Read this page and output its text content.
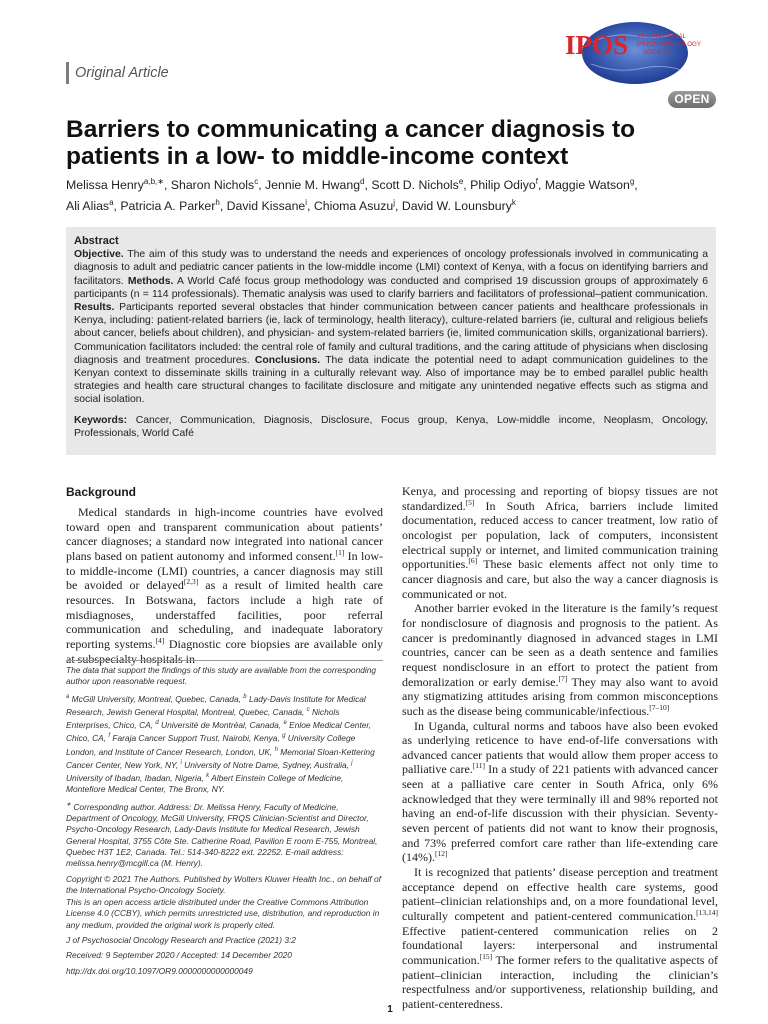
Original Article
IPOS INTERNATIONAL
PSYCHO-ONCOLOGY
SOCIETY
OPEN
Barriers to communicating a cancer diagnosis to patients in a low- to middle-income context
Melissa Henry$^{a,b,∗}$, Sharon Nichols$^c$, Jennie M. Hwang$^d$, Scott D. Nichols$^e$, Philip Odiyo$^f$, Maggie Watson$^g$,
Ali Alias$^a$, Patricia A. Parker$^h$, David Kissane$^i$, Chioma Asuzu$^j$, David W. Lounsbury$^k$
Abstract

Objective. The aim of this study was to understand the needs and experiences of oncology professionals involved in communicating a diagnosis to adult and pediatric cancer patients in the low-middle income (LMI) context of Kenya, with a focus on identifying barriers and facilitators. Methods. A World Café focus group methodology was conducted and comprised 19 discussion groups of approximately 6 participants (n = 114 professionals). Thematic analysis was used to clarify barriers and facilitators of professional–patient communication. Results. Participants reported several obstacles that hinder communication between cancer patients and healthcare professionals in Kenya, including: patient-related barriers (ie, lack of terminology, health literacy), culture-related barriers (ie, cultural and religious beliefs about cancer, beliefs about children), and physician- and system-related barriers (ie, limited communication skills, organizational barriers). Communication facilitators included: the central role of family and cultural traditions, and the caring attitude of physicians when disclosing diagnosis and treatment procedures. Conclusions. The data indicate the potential need to adapt communication guidelines to the Kenyan context to disseminate skills training in a culturally relevant way. Also of importance may be to embed parallel public health strategies and health care structural changes to facilitate disclosure and mitigate any unintended negative effects such as stigma and social isolation.

Keywords: Cancer, Communication, Diagnosis, Disclosure, Focus group, Kenya, Low-middle income, Neoplasm, Oncology, Professionals, World Café

Background

Medical standards in high-income countries have evolved toward open and transparent communication about patients’ cancer diagnoses; a standard now integrated into national cancer plans based on patient autonomy and informed consent.[1] In low- to middle-income (LMI) countries, a cancer diagnosis may still be avoided or delayed[2,3] as a result of limited health care resources. In Botswana, factors include a high rate of misdiagnoses, understaffed facilities, poor referral communication and scheduling, and inadequate laboratory reporting systems.[4] Diagnostic core biopsies are available only at subspecialty hospitals in

The data that support the findings of this study are available from the corresponding author upon reasonable request.

$^a$ McGill University, Montreal, Quebec, Canada, $^b$ Lady-Davis Institute for Medical Research, Jewish General Hospital, Montreal, Quebec, Canada, $^c$ Nichols Enterprises, Chico, CA, $^d$ Université de Montréal, Canada, $^e$ Enloe Medical Center, Chico, CA, $^f$ Faraja Cancer Support Trust, Nairobi, Kenya, $^g$ University College London, and Institute of Cancer Research, London, UK, $^h$ Memorial Sloan-Kettering Cancer Center, New York, NY, $^i$ University of Notre Dame, Sydney, Australia, $^j$ University of Ibadan, Ibadan, Nigeria, $^k$ Albert Einstein College of Medicine, Montefiore Medical Center, The Bronx, NY.

∗ Corresponding author. Address: Dr. Melissa Henry, Faculty of Medicine, Department of Oncology, McGill University, FRQS Clinician-Scientist and Director, Psycho-Oncology Research, Lady-Davis Institute for Medical Research, Jewish General Hospital, 3755 Côte Ste. Catherine Road, Pavilion E room E-755, Montreal, Quebec H3T 1E2, Canada. Tel.: 514-340-8222 ext. 22252. E-mail address: melissa.henry@mcgill.ca (M. Henry).

Copyright © 2021 The Authors. Published by Wolters Kluwer Health Inc., on behalf of the International Psycho-Oncology Society.
This is an open access article distributed under the Creative Commons Attribution License 4.0 (CCBY), which permits unrestricted use, distribution, and reproduction in any medium, provided the original work is properly cited.

J of Psychosocial Oncology Research and Practice (2021) 3:2

Received: 9 September 2020 / Accepted: 14 December 2020

http://dx.doi.org/10.1097/OR9.0000000000000049

Kenya, and processing and reporting of biopsy tissues are not standardized.[5] In South Africa, barriers include limited documentation, reduced access to cancer treatment, low ratio of oncologist per population, lack of computers, inconsistent electrical supply or internet, and limited communication training opportunities.[6] These basic elements affect not only time to cancer diagnosis and care, but also the way a cancer diagnosis is communicated or not.

Another barrier evoked in the literature is the family’s request for nondisclosure of diagnosis and prognosis to the patient. As cancer is predominantly diagnosed in advanced stages in LMI countries, cancer can be seen as a death sentence and families request nondisclosure in an effort to protect the patient from demoralization or early demise.[7] They may also want to avoid any stigmatizing attitudes arising from common misconceptions such as the disease being communicable/infectious.[7–10]

In Uganda, cultural norms and taboos have also been evoked as underlying reticence to have end-of-life conversations with advanced cancer patients that would allow them proper access to palliative care.[11] In a study of 221 patients with advanced cancer seen at a palliative care center in South Africa, only 6% acknowledged that they were terminally ill and 98% reported not having an end-of-life discussion with their physician. Seventy-seven percent of patients did not want to know their prognosis, and 73% preferred comfort care rather than life-extending care (14%).[12]

It is recognized that patients’ disease perception and treatment acceptance depend on effective health care systems, good patient–clinician relationships and, on a more foundational level, culturally competent and patient-centered communication.[13,14] Effective patient-centered communication relies on 2 foundational layers: interpersonal and instrumental communication.[15] The former refers to the qualitative aspects of patient–clinician interaction, including the clinician’s respectfulness and/or supportiveness, relationship building, and patient-centeredness.

1
